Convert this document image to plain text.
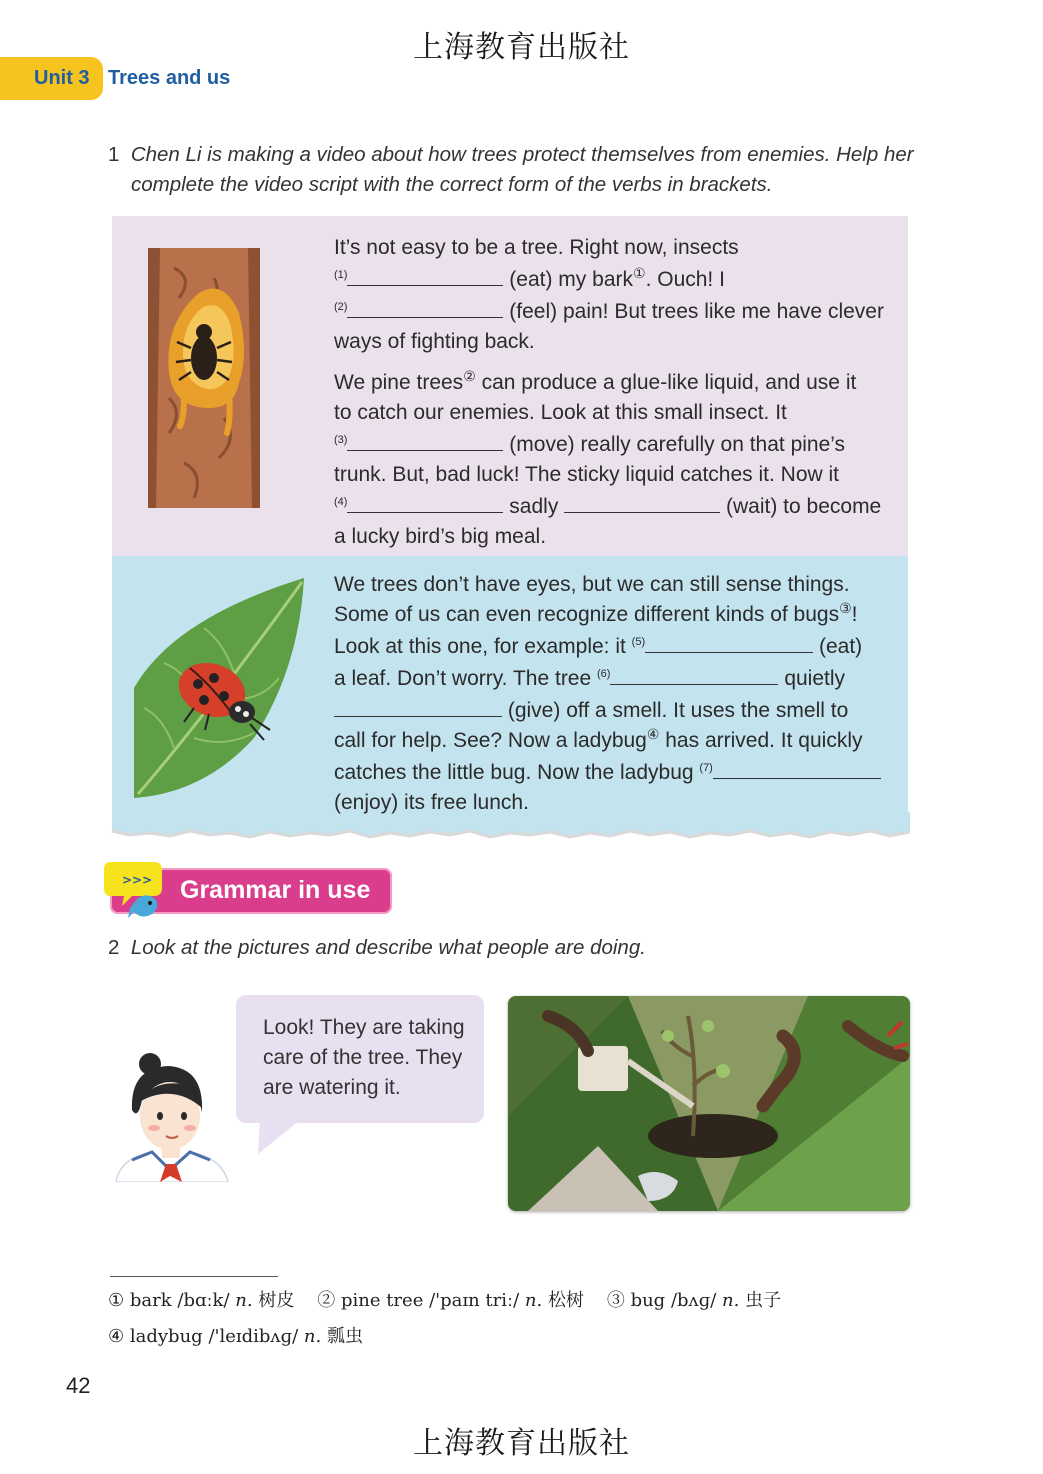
上海教育出版社
Unit 3 Trees and us
1 Chen Li is making a video about how trees protect themselves from enemies. Help her
complete the video script with the correct form of the verbs in brackets.

It’s not easy to be a tree. Right now, insects

$^{(1)}$	(eat) my bark①. Ouch! I

$^{(2)}$	(feel) pain! But trees like me have clever

ways of fighting back.

We pine trees② can produce a glue-like liquid, and use it

to catch our enemies. Look at this small insect. It

$^{(3)}$	(move) really carefully on that pine’s

trunk. But, bad luck! The sticky liquid catches it. Now it

$^{(4)}$	sadly	(wait) to become

a lucky bird’s big meal.

We trees don’t have eyes, but we can still sense things.

Some of us can even recognize different kinds of bugs③!

Look at this one, for example: it $^{(5)}$	(eat)

a leaf. Don’t worry. The tree $^{(6)}$	quietly

(give) off a smell. It uses the smell to

call for help. See? Now a ladybug④ has arrived. It quickly

catches the little bug. Now the ladybug $^{(7)}$

(enjoy) its free lunch.

Grammar in use
>>>
2 Look at the pictures and describe what people are doing.
Look! They are taking
care of the tree. They
are watering it.
① bark /bɑːk/ n. 树皮 ② pine tree /'paɪn triː/ n. 松树 ③ bug /bʌɡ/ n. 虫子
④ ladybug /'leɪdibʌɡ/ n. 瓢虫
42
上海教育出版社
